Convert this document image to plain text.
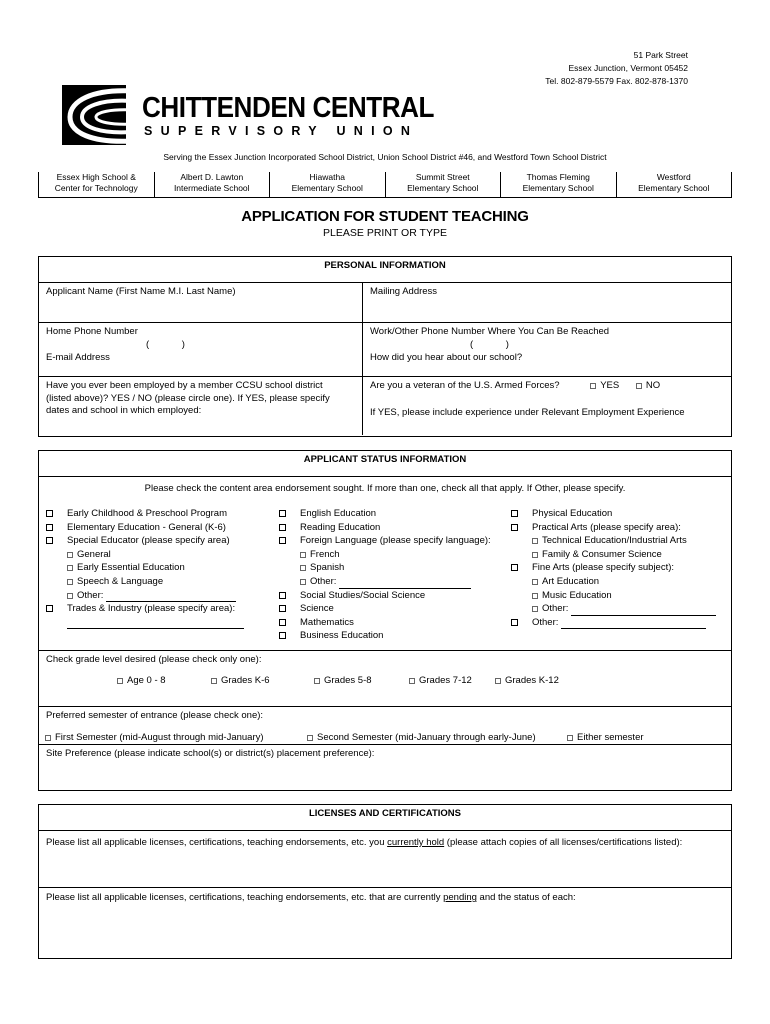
51 Park Street
Essex Junction, Vermont 05452
Tel. 802-879-5579 Fax. 802-878-1370
CHITTENDEN CENTRAL
SUPERVISORY UNION
Serving the Essex Junction Incorporated School District, Union School District #46, and Westford Town School District
Essex High School &
Center for Technology
Albert D. Lawton
Intermediate School
Hiawatha
Elementary School
Summit Street
Elementary School
Thomas Fleming
Elementary School
Westford
Elementary School
APPLICATION FOR STUDENT TEACHING
PLEASE PRINT OR TYPE
PERSONAL INFORMATION
Applicant Name (First Name M.I. Last Name)	Mailing Address
Home Phone Number
( )
Work/Other Phone Number Where You Can Be Reached
( )
E-mail Address	How did you hear about our school?
Have you ever been employed by a member CCSU school district (listed above)? YES / NO (please circle one). If YES, please specify dates and school in which employed:
Are you a veteran of the U.S. Armed Forces?	YES	NO
If YES, please include experience under Relevant Employment Experience
APPLICANT STATUS INFORMATION
Please check the content area endorsement sought. If more than one, check all that apply. If Other, please specify.
Early Childhood & Preschool Program
Elementary Education - General (K-6)
Special Educator (please specify area)
General
Early Essential Education
Speech & Language
Other:
Trades & Industry (please specify area):
English Education
Reading Education
Foreign Language (please specify language):
French
Spanish
Other:
Social Studies/Social Science
Science
Mathematics
Business Education
Physical Education
Practical Arts (please specify area):
Technical Education/Industrial Arts
Family & Consumer Science
Fine Arts (please specify subject):
Art Education
Music Education
Other:
Other:
Check grade level desired (please check only one):
Age 0 - 8	Grades K-6	Grades 5-8	Grades 7-12	Grades K-12
Preferred semester of entrance (please check one):
First Semester (mid-August through mid-January)	Second Semester (mid-January through early-June)	Either semester
Site Preference (please indicate school(s) or district(s) placement preference):
LICENSES AND CERTIFICATIONS
Please list all applicable licenses, certifications, teaching endorsements, etc. you currently hold (please attach copies of all licenses/certifications listed):
Please list all applicable licenses, certifications, teaching endorsements, etc. that are currently pending and the status of each:
